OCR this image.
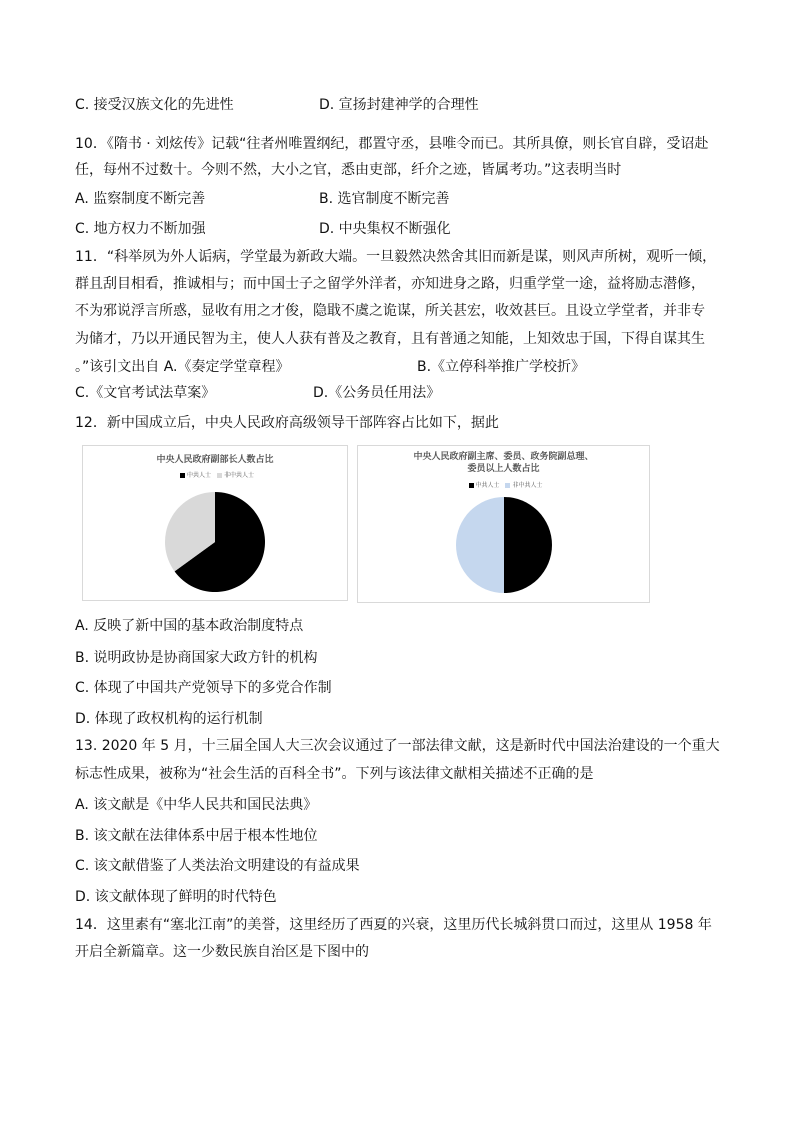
C. 接受汉族文化的先进性	D. 宣扬封建神学的合理性
10．《隋书 · 刘炫传》记载“往者州唯置纲纪，郡置守丞，县唯令而已。其所具僚，则长官自辟，受诏赴
任，每州不过数十。今则不然，大小之官，悉由吏部，纤介之迹，皆属考功。”这表明当时
A. 监察制度不断完善	B. 选官制度不断完善
C. 地方权力不断加强	D. 中央集权不断强化
11．“科举夙为外人诟病，学堂最为新政大端。一旦毅然决然舍其旧而新是谋，则风声所树，观听一倾，
群且刮目相看，推诚相与；而中国士子之留学外洋者，亦知进身之路，归重学堂一途，益将励志潜修，
不为邪说浮言所惑，显收有用之才俊，隐戢不虞之诡谋，所关甚宏，收效甚巨。且设立学堂者，并非专
为储才，乃以开通民智为主，使人人获有普及之教育，且有普通之知能，上知效忠于国，下得自谋其生
。”该引文出自 A.《奏定学堂章程》	B.《立停科举推广学校折》
C.《文官考试法草案》	D.《公务员任用法》
12．新中国成立后，中央人民政府高级领导干部阵容占比如下，据此
中央人民政府副部长人数占比
中共人士 非中共人士
中央人民政府副主席、委员、政务院副总理、
委员以上人数占比
中共人士 非中共人士
A. 反映了新中国的基本政治制度特点
B. 说明政协是协商国家大政方针的机构
C. 体现了中国共产党领导下的多党合作制
D. 体现了政权机构的运行机制
13. 2020 年 5 月，十三届全国人大三次会议通过了一部法律文献，这是新时代中国法治建设的一个重大
标志性成果，被称为“社会生活的百科全书”。下列与该法律文献相关描述不正确的是
A. 该文献是《中华人民共和国民法典》
B. 该文献在法律体系中居于根本性地位
C. 该文献借鉴了人类法治文明建设的有益成果
D. 该文献体现了鲜明的时代特色
14．这里素有“塞北江南”的美誉，这里经历了西夏的兴衰，这里历代长城斜贯口而过，这里从 1958 年
开启全新篇章。这一少数民族自治区是下图中的
